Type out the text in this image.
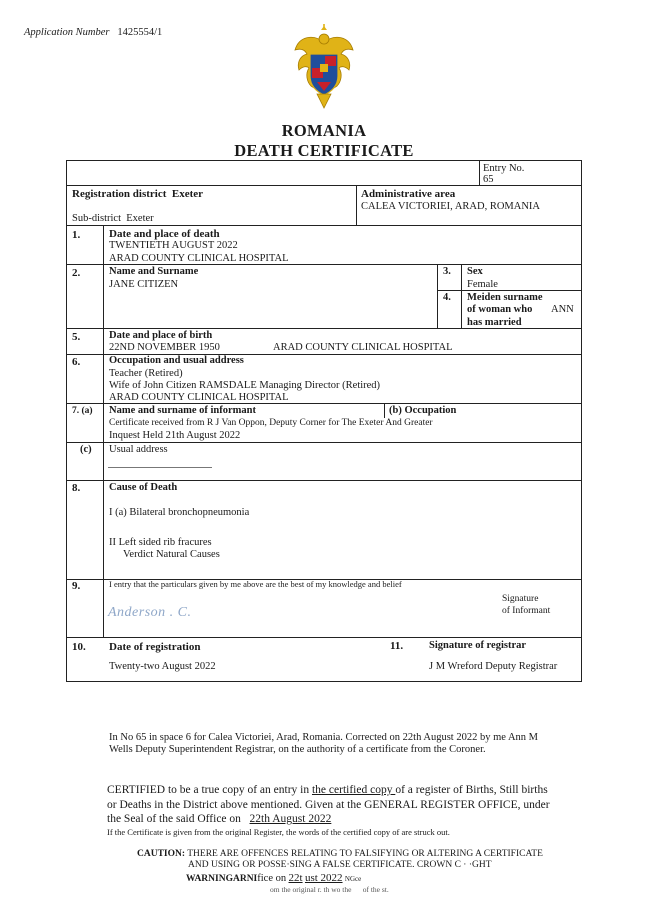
Application Number 1425554/1
ROMANIA
DEATH CERTIFICATE
Entry No.
65
Registration district Exeter
Sub-district Exeter
Administrative area
CALEA VICTORIEI, ARAD, ROMANIA
1.	Date and place of death
TWENTIETH AUGUST 2022
ARAD COUNTY CLINICAL HOSPITAL
2.	Name and Surname
JANE CITIZEN
3. Sex
Female
4. Meiden surname
of woman who ANN
has married
5.	Date and place of birth
22ND NOVEMBER 1950	ARAD COUNTY CLINICAL HOSPITAL
6.	Occupation and usual address
Teacher (Retired)
Wife of John Citizen RAMSDALE Managing Director (Retired)
ARAD COUNTY CLINICAL HOSPITAL
7. (a) Name and surname of informant	(b) Occupation
Certificate received from R J Van Oppon, Deputy Corner for The Exeter And Greater
Inquest Held 21th August 2022
(c) Usual address
8.	Cause of Death
I (a) Bilateral bronchopneumonia
II Left sided rib fracures
Verdict Natural Causes
9.	I entry that the particulars given by me above are the best of my knowledge and belief
Signature
of Informant
Anderson . C.
10. Date of registration
Twenty-two August 2022
11. Signature of registrar
J M Wreford Deputy Registrar
In No 65 in space 6 for Calea Victoriei, Arad, Romania. Corrected on 22th August 2022 by me Ann M
Wells Deputy Superintendent Registrar, on the authority of a certificate from the Coroner.
CERTIFIED to be a true copy of an entry in the certified copy of a register of Births, Still births
or Deaths in the District above mentioned. Given at the GENERAL REGISTER OFFICE, under
the Seal of the said Office on 22th August 2022
If the Certificate is given from the original Register, the words of the certified copy of are struck out.
CAUTION: THERE ARE OFFENCES RELATING TO FALSIFYING OR ALTERING A CERTIFICATE
AND USING OR POSSE·SING A FALSE CERTIFICATE. CROWN C · ·GHT
WARNINGARNIfice on 22t ust 2022 NGce
om the original r. th wo the of the st.
